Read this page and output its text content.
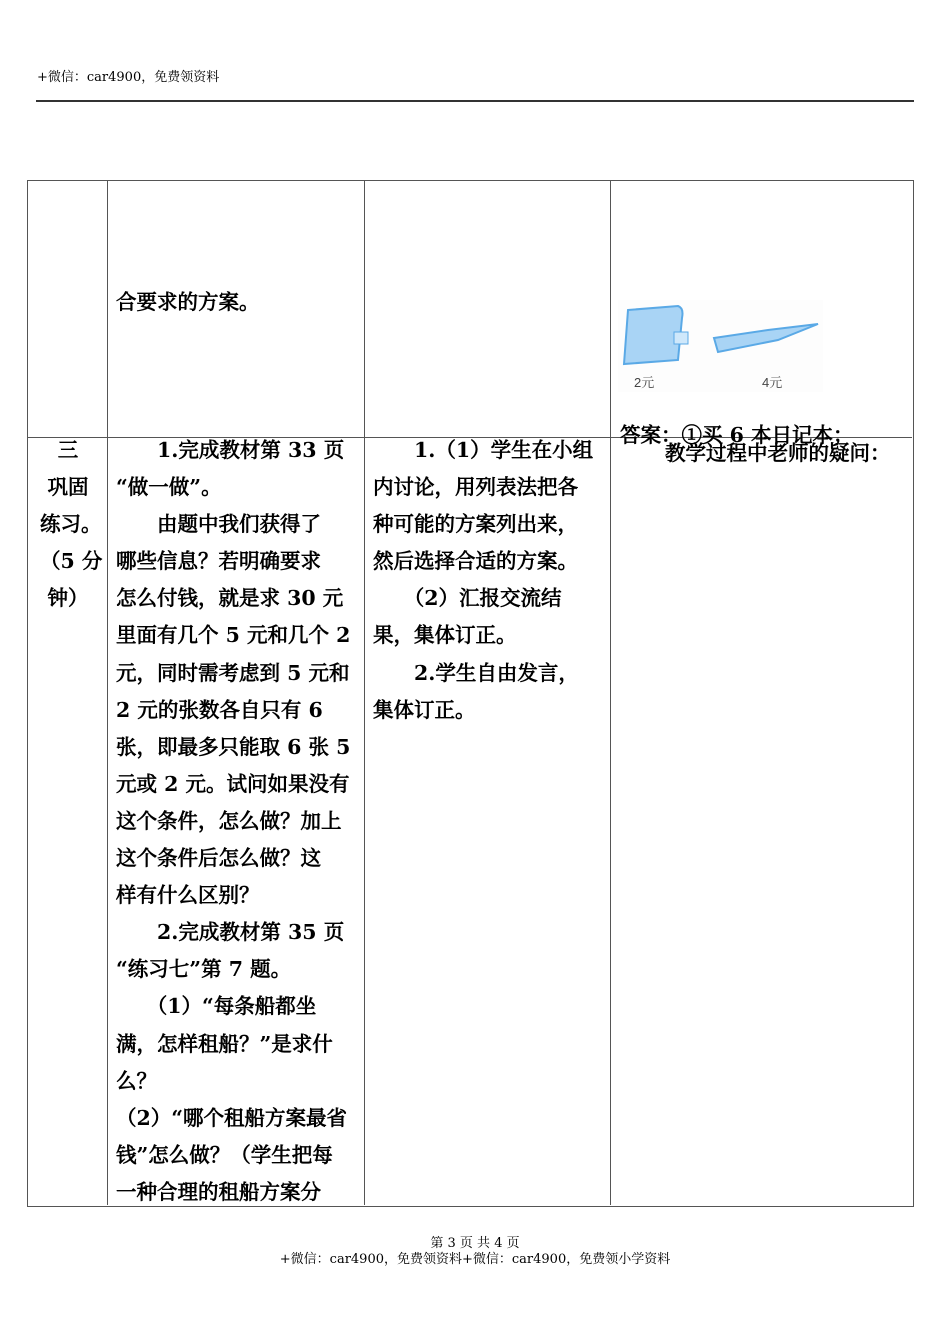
+微信：car4900，免费领资料
合要求的方案。
2元	4元
答案：①买 6 本日记本；
三
巩固
练习。
（5 分
钟）
　　1.完成教材第 33 页
“做一做”。
　　由题中我们获得了
哪些信息？若明确要求
怎么付钱，就是求 30 元
里面有几个 5 元和几个 2
元，同时需考虑到 5 元和
2 元的张数各自只有 6
张，即最多只能取 6 张 5
元或 2 元。试问如果没有
这个条件，怎么做？加上
这个条件后怎么做？这
样有什么区别？
　　2.完成教材第 35 页
“练习七”第 7 题。
　　（1）“每条船都坐
满，怎样租船？”是求什
么？
（2）“哪个租船方案最省
钱”怎么做？（学生把每
一种合理的租船方案分
　　1.（1）学生在小组
内讨论，用列表法把各
种可能的方案列出来，
然后选择合适的方案。
　　（2）汇报交流结
果，集体订正。
　　2.学生自由发言，
集体订正。
教学过程中老师的疑问：
第 3 页 共 4 页
+微信：car4900，免费领资料+微信：car4900，免费领小学资料
